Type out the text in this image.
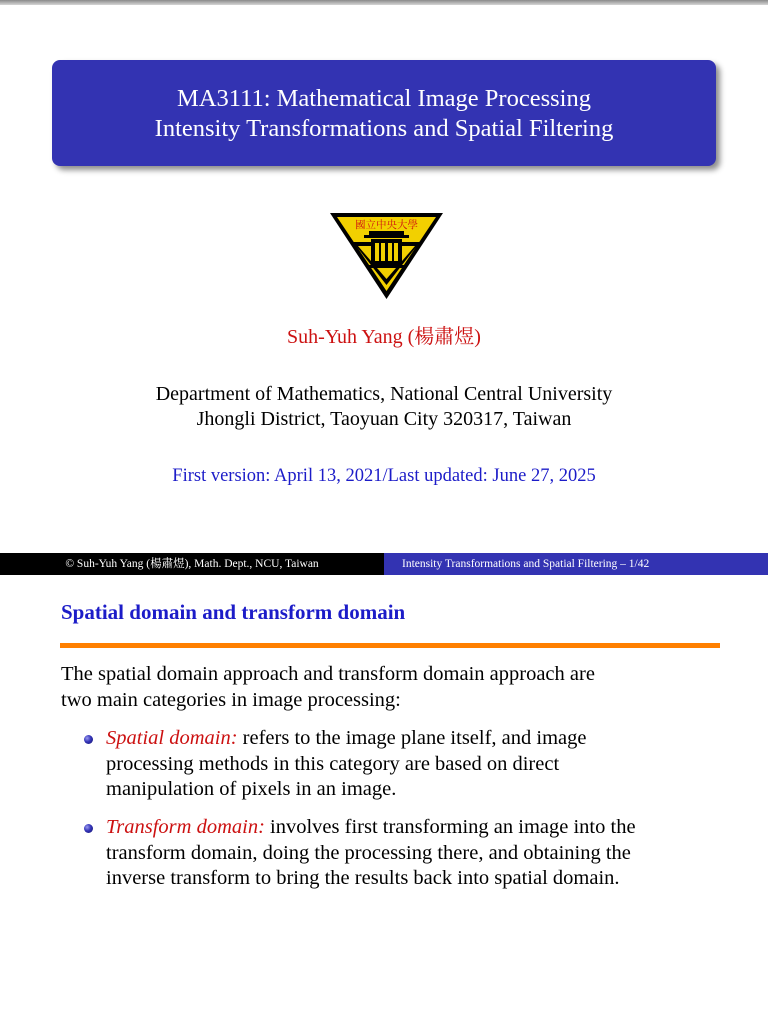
MA3111: Mathematical Image Processing
Intensity Transformations and Spatial Filtering
國立中央大學
Suh-Yuh Yang (楊肅煜)
Department of Mathematics, National Central University
Jhongli District, Taoyuan City 320317, Taiwan
First version: April 13, 2021/Last updated: June 27, 2025
© Suh-Yuh Yang (楊肅煜), Math. Dept., NCU, Taiwan	Intensity Transformations and Spatial Filtering – 1/42
Spatial domain and transform domain
The spatial domain approach and transform domain approach are
two main categories in image processing:
Spatial domain: refers to the image plane itself, and image
processing methods in this category are based on direct
manipulation of pixels in an image.
Transform domain: involves first transforming an image into the
transform domain, doing the processing there, and obtaining the
inverse transform to bring the results back into spatial domain.
